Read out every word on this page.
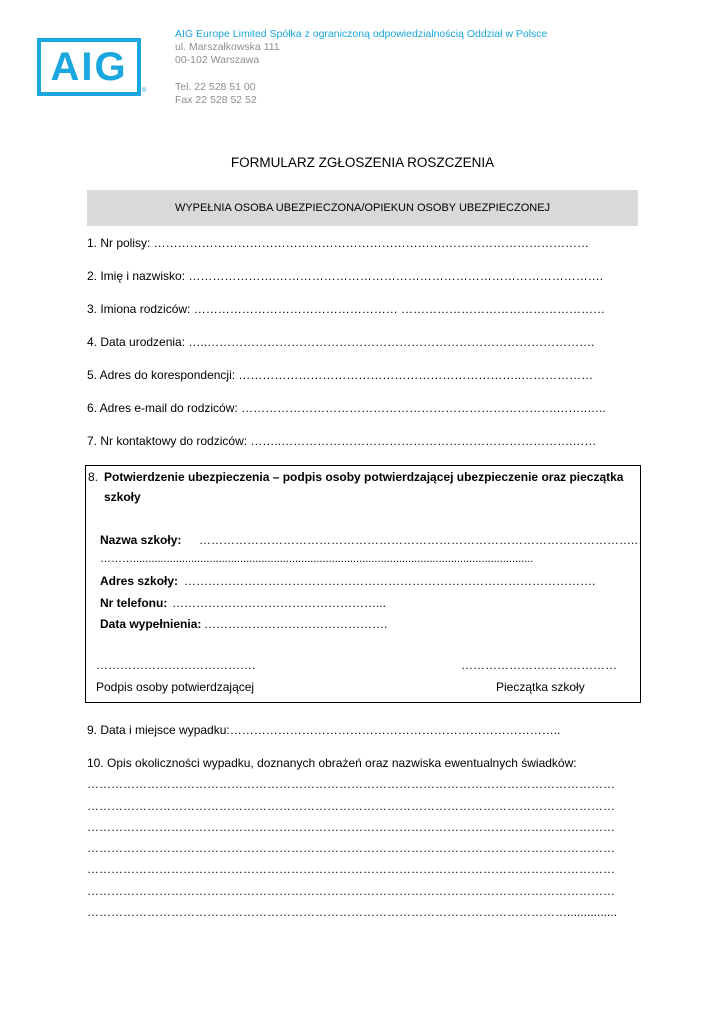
AIG
®
AIG Europe Limited Spółka z ograniczoną odpowiedzialnością Oddział w Polsce
ul. Marszałkowska 111
00-102 Warszawa
Tel. 22 528 51 00
Fax 22 528 52 52
FORMULARZ ZGŁOSZENIA ROSZCZENIA
WYPEŁNIA OSOBA UBEZPIECZONA/OPIEKUN OSOBY UBEZPIECZONEJ
1. Nr polisy: ……………………………………………………………….………………………………
2. Imię i nazwisko: ………………….……………………………………………………………………….
3. Imiona rodziców: …………………………………………… ……………………………………………
4. Data urodzenia: …..…………………………………………………………………………………….
5. Adres do korespondencji: ……………………………………………………………..………………
6. Adres e-mail do rodziców: …………………………………………………………………….……..…..
7. Nr kontaktowy do rodziców: ……..……………………………………………………………….……
8. Potwierdzenie ubezpieczenia – podpis osoby potwierdzającej ubezpieczenie oraz pieczątka
szkoły
Nazwa szkoły: ………………………………………………………………………………………………..
………...................................................................................................................................
Adres szkoły: ………………………………………………………………………………………….
Nr telefonu: ……………………………………………...
Data wypełnienia: ……………………………………….
………………………………….	…………………………………
Podpis osoby potwierdzającej	Pieczątka szkoły
9. Data i miejsce wypadku:………………………………………………………………………..
10. Opis okoliczności wypadku, doznanych obrażeń oraz nazwiska ewentualnych świadków:
……………………………………………………………………………………………………………………
……………………………………………………………………………………………………………………
……………………………………………………………………………………………………………………
……………………………………………………………………………………………………………………
……………………………………………………………………………………………………………………
……………………………………………………………………………………………………………………
…………………………………………………………………………………………………………...............
